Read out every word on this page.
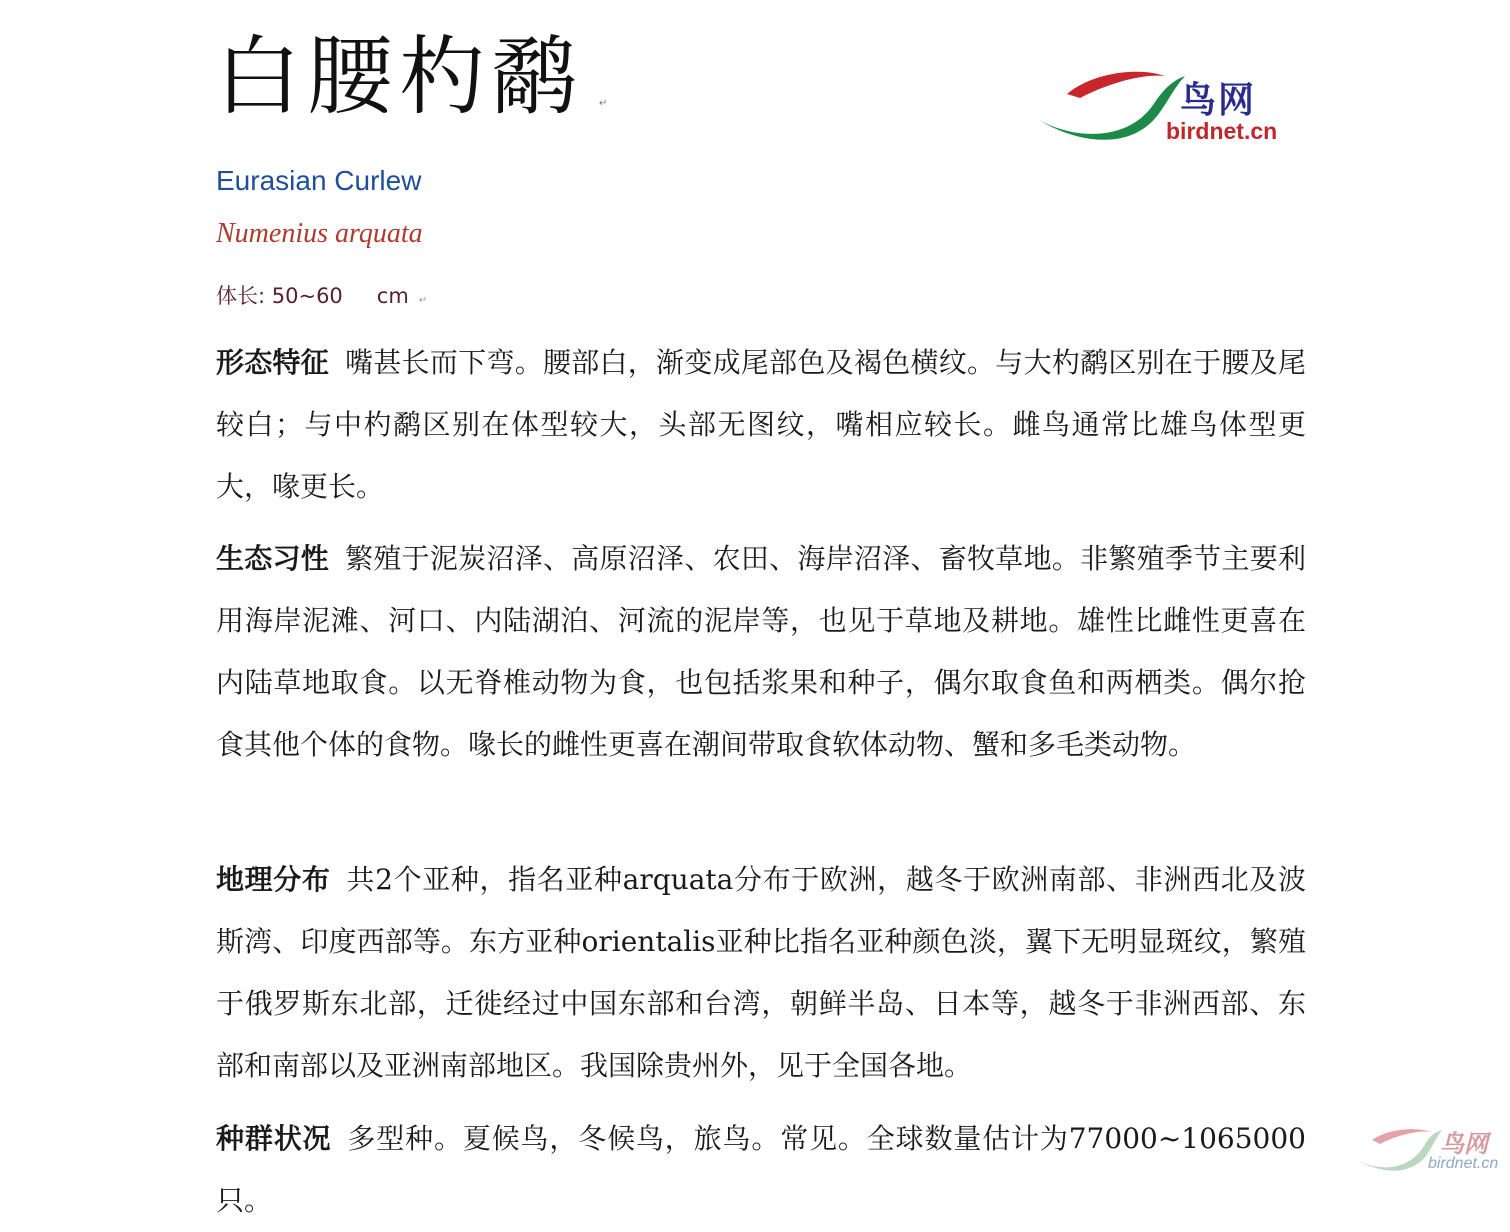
白腰杓鹬 ↵	鸟网
birdnet.cn
Eurasian Curlew
Numenius arquata
体长: 50~60 cm ↵
形态特征 嘴甚长而下弯。腰部白，渐变成尾部色及褐色横纹。与大杓鹬区别在于腰及尾较白；与中杓鹬区别在体型较大，头部无图纹，嘴相应较长。雌鸟通常比雄鸟体型更大，喙更长。
生态习性 繁殖于泥炭沼泽、高原沼泽、农田、海岸沼泽、畜牧草地。非繁殖季节主要利用海岸泥滩、河口、内陆湖泊、河流的泥岸等，也见于草地及耕地。雄性比雌性更喜在内陆草地取食。以无脊椎动物为食，也包括浆果和种子，偶尔取食鱼和两栖类。偶尔抢食其他个体的食物。喙长的雌性更喜在潮间带取食软体动物、蟹和多毛类动物。
地理分布 共2个亚种，指名亚种arquata分布于欧洲，越冬于欧洲南部、非洲西北及波斯湾、印度西部等。东方亚种orientalis亚种比指名亚种颜色淡，翼下无明显斑纹，繁殖于俄罗斯东北部，迁徙经过中国东部和台湾，朝鲜半岛、日本等，越冬于非洲西部、东部和南部以及亚洲南部地区。我国除贵州外，见于全国各地。
种群状况 多型种。夏候鸟，冬候鸟，旅鸟。常见。全球数量估计为77000~1065000 只。
鸟网
birdnet.cn
